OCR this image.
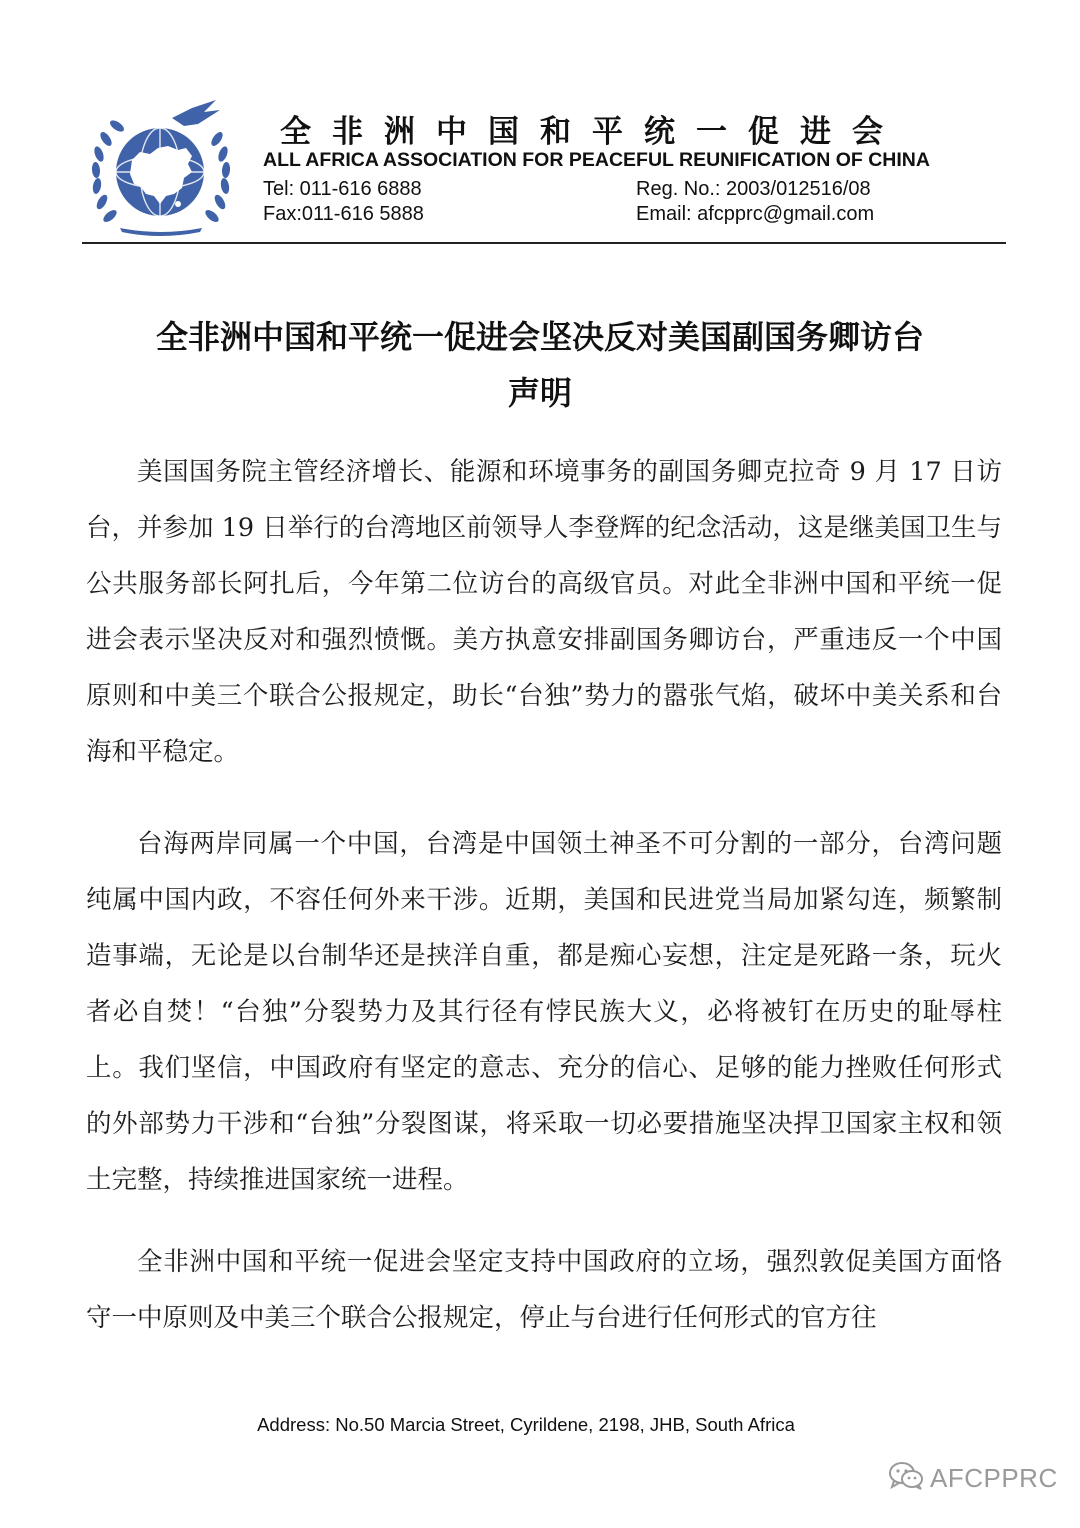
全非洲中国和平统一促进会
ALL AFRICA ASSOCIATION FOR PEACEFUL REUNIFICATION OF CHINA
Tel: 011-616 6888
Fax:011-616 5888
Reg. No.: 2003/012516/08
Email: afcpprc@gmail.com
全非洲中国和平统一促进会坚决反对美国副国务卿访台
声明

美国国务院主管经济增长、能源和环境事务的副国务卿克拉奇 9 月 17 日访台，并参加 19 日举行的台湾地区前领导人李登辉的纪念活动，这是继美国卫生与公共服务部长阿扎后，今年第二位访台的高级官员。对此全非洲中国和平统一促进会表示坚决反对和强烈愤慨。美方执意安排副国务卿访台，严重违反一个中国原则和中美三个联合公报规定，助长“台独”势力的嚣张气焰，破坏中美关系和台海和平稳定。

台海两岸同属一个中国，台湾是中国领土神圣不可分割的一部分，台湾问题纯属中国内政，不容任何外来干涉。近期，美国和民进党当局加紧勾连，频繁制造事端，无论是以台制华还是挟洋自重，都是痴心妄想，注定是死路一条，玩火者必自焚！“台独”分裂势力及其行径有悖民族大义，必将被钉在历史的耻辱柱上。我们坚信，中国政府有坚定的意志、充分的信心、足够的能力挫败任何形式的外部势力干涉和“台独”分裂图谋，将采取一切必要措施坚决捍卫国家主权和领土完整，持续推进国家统一进程。

全非洲中国和平统一促进会坚定支持中国政府的立场，强烈敦促美国方面恪守一中原则及中美三个联合公报规定，停止与台进行任何形式的官方往

Address: No.50 Marcia Street, Cyrildene, 2198, JHB, South Africa
AFCPPRC
